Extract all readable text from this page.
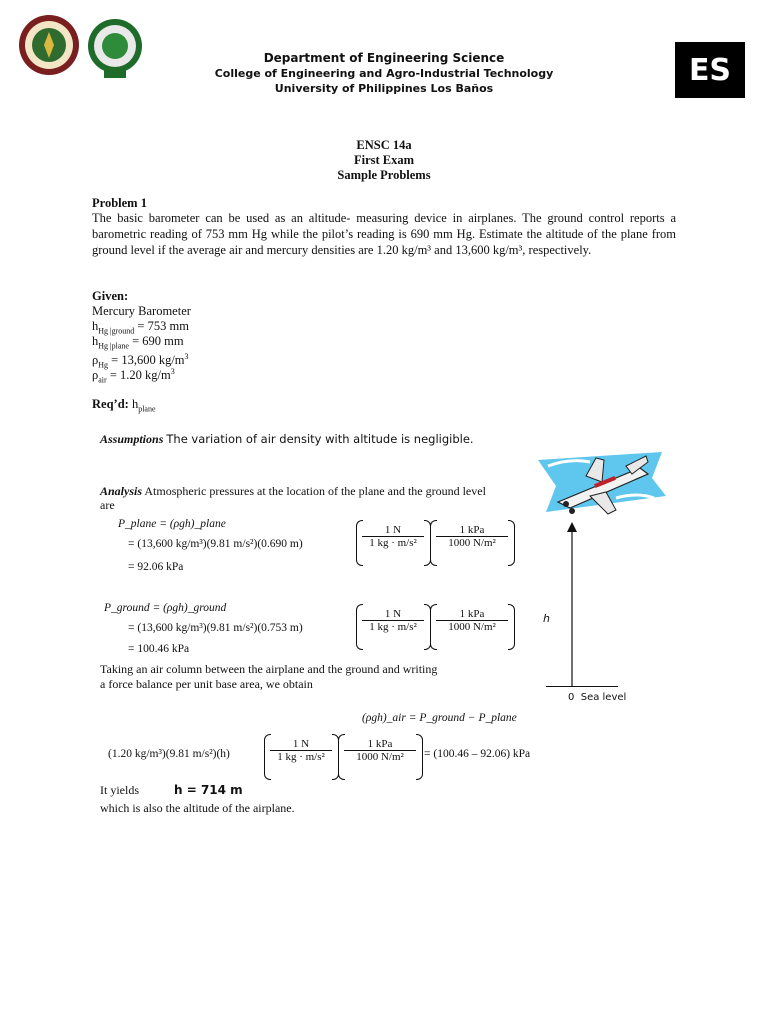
Department of Engineering Science
College of Engineering and Agro-Industrial Technology
University of Philippines Los Baños
ES
ENSC 14a
First Exam
Sample Problems
Problem 1
The basic barometer can be used as an altitude- measuring device in airplanes. The ground control reports a barometric reading of 753 mm Hg while the pilot’s reading is 690 mm Hg. Estimate the altitude of the plane from ground level if the average air and mercury densities are 1.20 kg/m³ and 13,600 kg/m³, respectively.
Given:
Mercury Barometer
$h_{Hg |ground} = 753$ mm
$h_{Hg |plane} = 690$ mm
$\rho_{Hg} = 13,600$ $kg/m^3$
$\rho_{air} = 1.20$ $kg/m^3$
Req’d: $h_{plane}$
Assumptions The variation of air density with altitude is negligible.
Analysis Atmospheric pressures at the location of the plane and the ground level are
P_plane = (ρgh)_plane
= (13,600 kg/m³)(9.81 m/s²)(0.690 m)
= 92.06 kPa
1 N
1 kg · m/s²
1 kPa
1000 N/m²
P_ground = (ρgh)_ground
= (13,600 kg/m³)(9.81 m/s²)(0.753 m)
= 100.46 kPa
1 N
1 kg · m/s²
1 kPa
1000 N/m²
Taking an air column between the airplane and the ground and writing
a force balance per unit base area, we obtain
(ρgh)_air = P_ground − P_plane
(1.20 kg/m³)(9.81 m/s²)(h)
1 N
1 kg · m/s²
1 kPa
1000 N/m²	= (100.46 – 92.06) kPa
It yields	h = 714 m
which is also the altitude of the airplane.
h
0  Sea level
